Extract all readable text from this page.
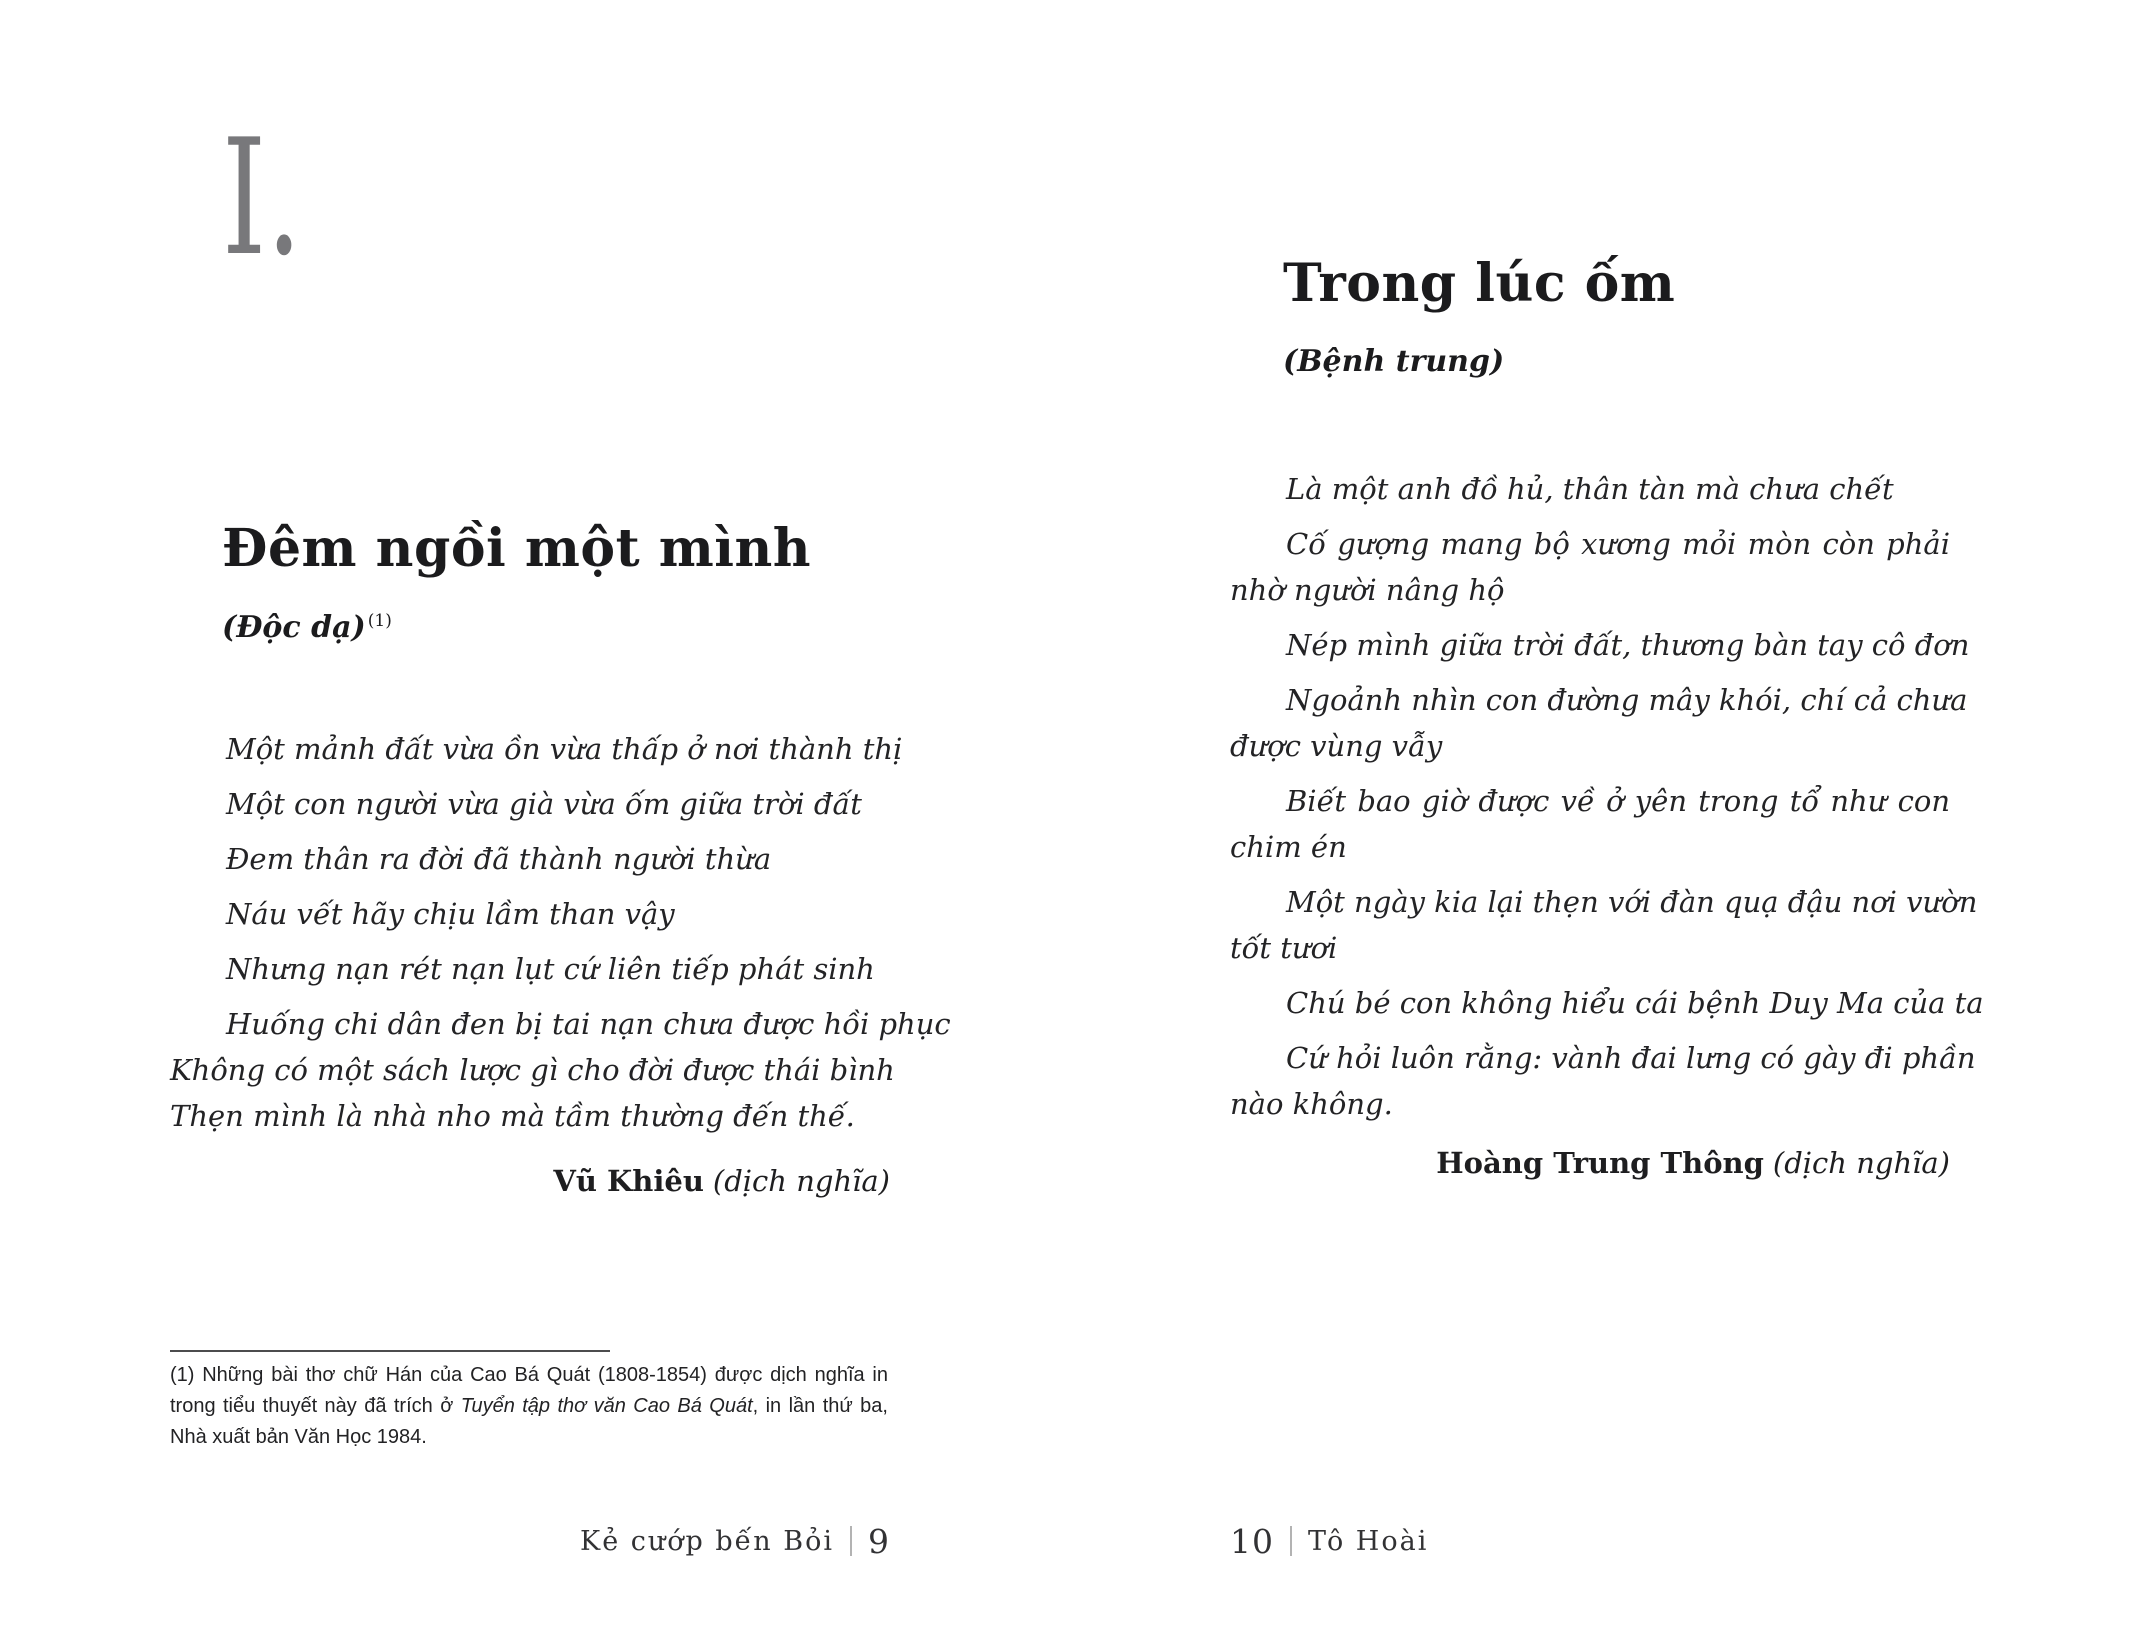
I.
Đêm ngồi một mình
(Độc dạ) $^{(1)}$
Một mảnh đất vừa ồn vừa thấp ở nơi thành thị
Một con người vừa già vừa ốm giữa trời đất
Đem thân ra đời đã thành người thừa
Náu vết hãy chịu lầm than vậy
Nhưng nạn rét nạn lụt cứ liên tiếp phát sinh
Huống chi dân đen bị tai nạn chưa được hồi phục
Không có một sách lược gì cho đời được thái bình
Thẹn mình là nhà nho mà tầm thường đến thế.
Vũ Khiêu (dịch nghĩa)
(1) Những bài thơ chữ Hán của Cao Bá Quát (1808-1854) được dịch nghĩa in
trong tiểu thuyết này đã trích ở Tuyển tập thơ văn Cao Bá Quát, in lần thứ ba,
Nhà xuất bản Văn Học 1984.
Kẻ cướp bến Bỏi 9
Trong lúc ốm
(Bệnh trung)
Là một anh đồ hủ, thân tàn mà chưa chết
Cố gượng mang bộ xương mỏi mòn còn phải
nhờ người nâng hộ
Nép mình giữa trời đất, thương bàn tay cô đơn
Ngoảnh nhìn con đường mây khói, chí cả chưa
được vùng vẫy
Biết bao giờ được về ở yên trong tổ như con
chim én
Một ngày kia lại thẹn với đàn quạ đậu nơi vườn
tốt tươi
Chú bé con không hiểu cái bệnh Duy Ma của ta
Cứ hỏi luôn rằng: vành đai lưng có gày đi phần
nào không.
Hoàng Trung Thông (dịch nghĩa)
10 Tô Hoài
